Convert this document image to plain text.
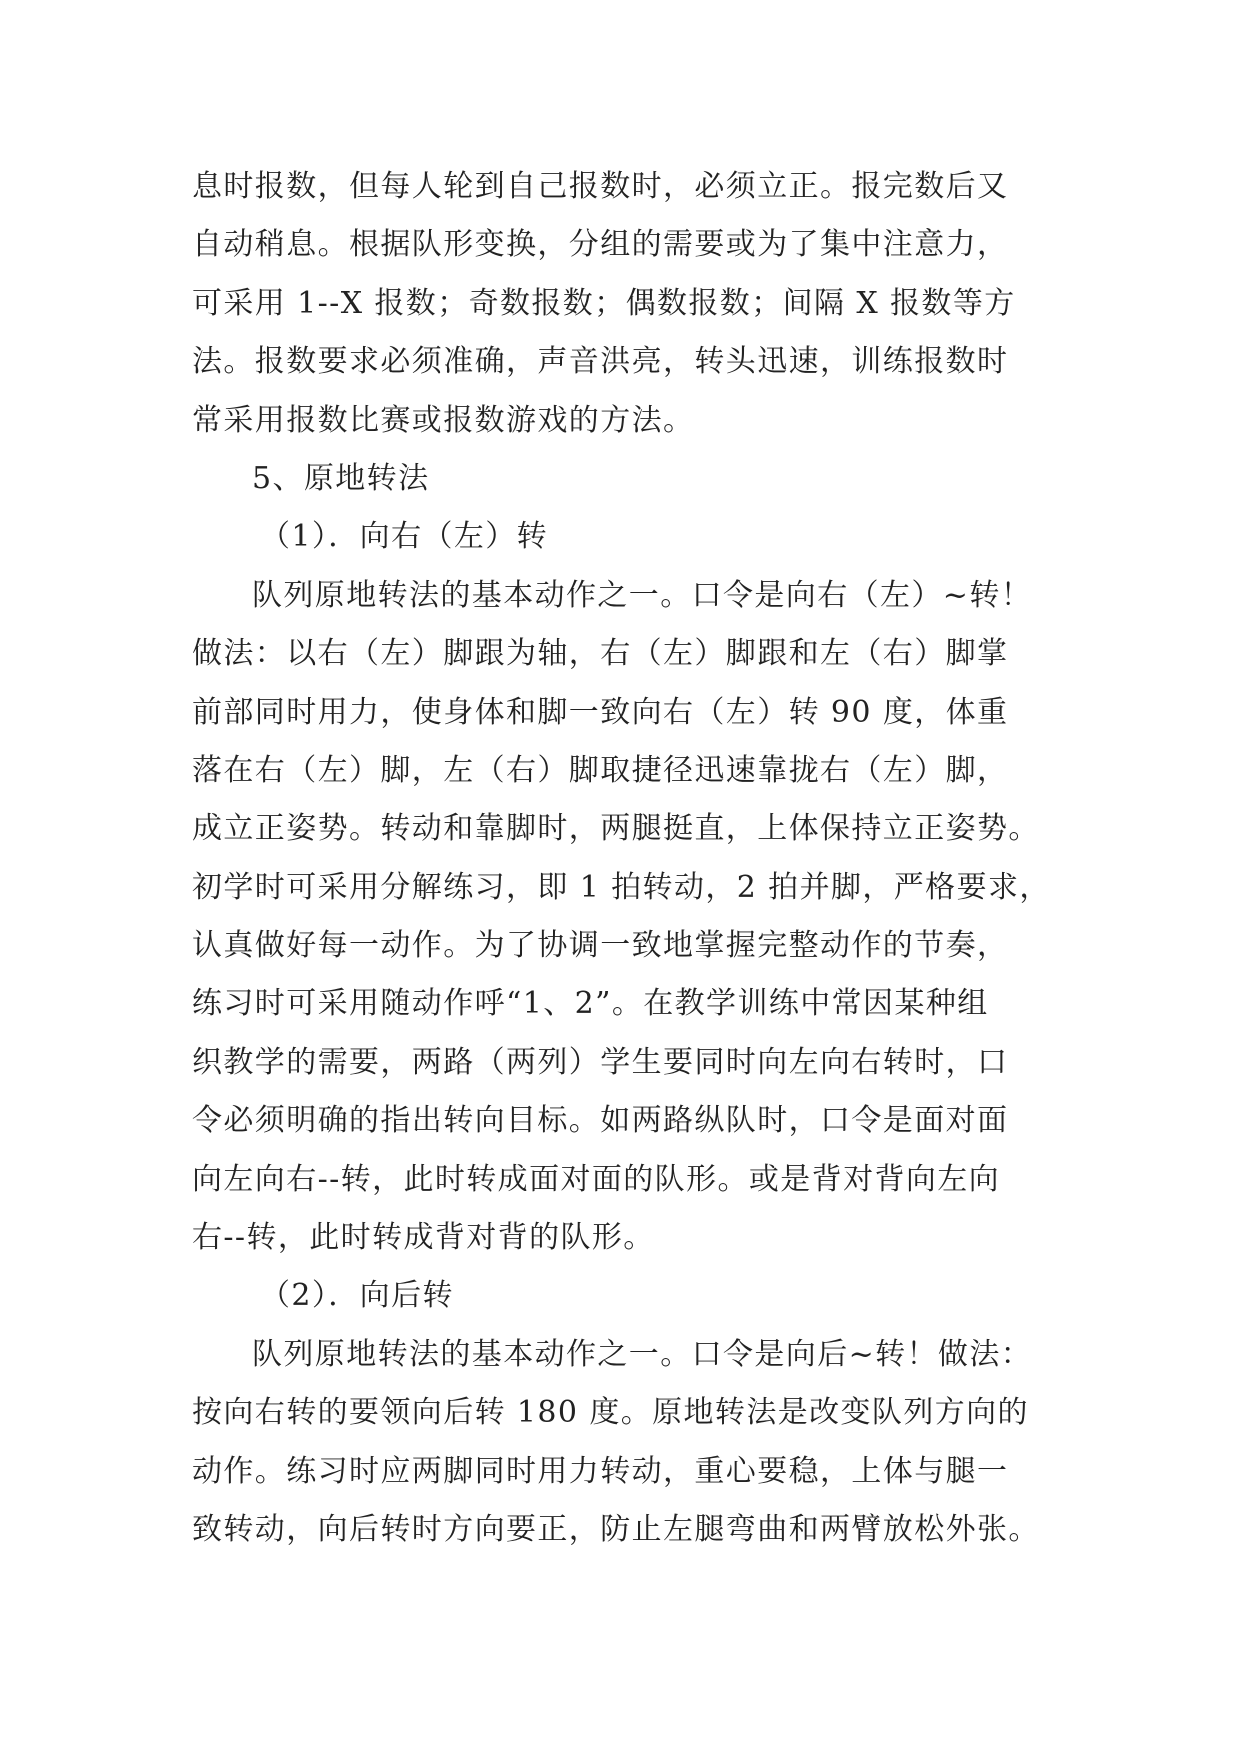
息时报数，但每人轮到自己报数时，必须立正。报完数后又
自动稍息。根据队形变换，分组的需要或为了集中注意力，
可采用 1--X 报数；奇数报数；偶数报数；间隔 X 报数等方
法。报数要求必须准确，声音洪亮，转头迅速，训练报数时
常采用报数比赛或报数游戏的方法。
5、原地转法
（1）．向右（左）转
队列原地转法的基本动作之一。口令是向右（左）~转！
做法：以右（左）脚跟为轴，右（左）脚跟和左（右）脚掌
前部同时用力，使身体和脚一致向右（左）转 90 度，体重
落在右（左）脚，左（右）脚取捷径迅速靠拢右（左）脚，
成立正姿势。转动和靠脚时，两腿挺直，上体保持立正姿势。
初学时可采用分解练习，即 1 拍转动，2 拍并脚，严格要求，
认真做好每一动作。为了协调一致地掌握完整动作的节奏，
练习时可采用随动作呼“1、2”。在教学训练中常因某种组
织教学的需要，两路（两列）学生要同时向左向右转时，口
令必须明确的指出转向目标。如两路纵队时，口令是面对面
向左向右--转，此时转成面对面的队形。或是背对背向左向
右--转，此时转成背对背的队形。
（2）．向后转
队列原地转法的基本动作之一。口令是向后~转！做法：
按向右转的要领向后转 180 度。原地转法是改变队列方向的
动作。练习时应两脚同时用力转动，重心要稳，上体与腿一
致转动，向后转时方向要正，防止左腿弯曲和两臂放松外张。
